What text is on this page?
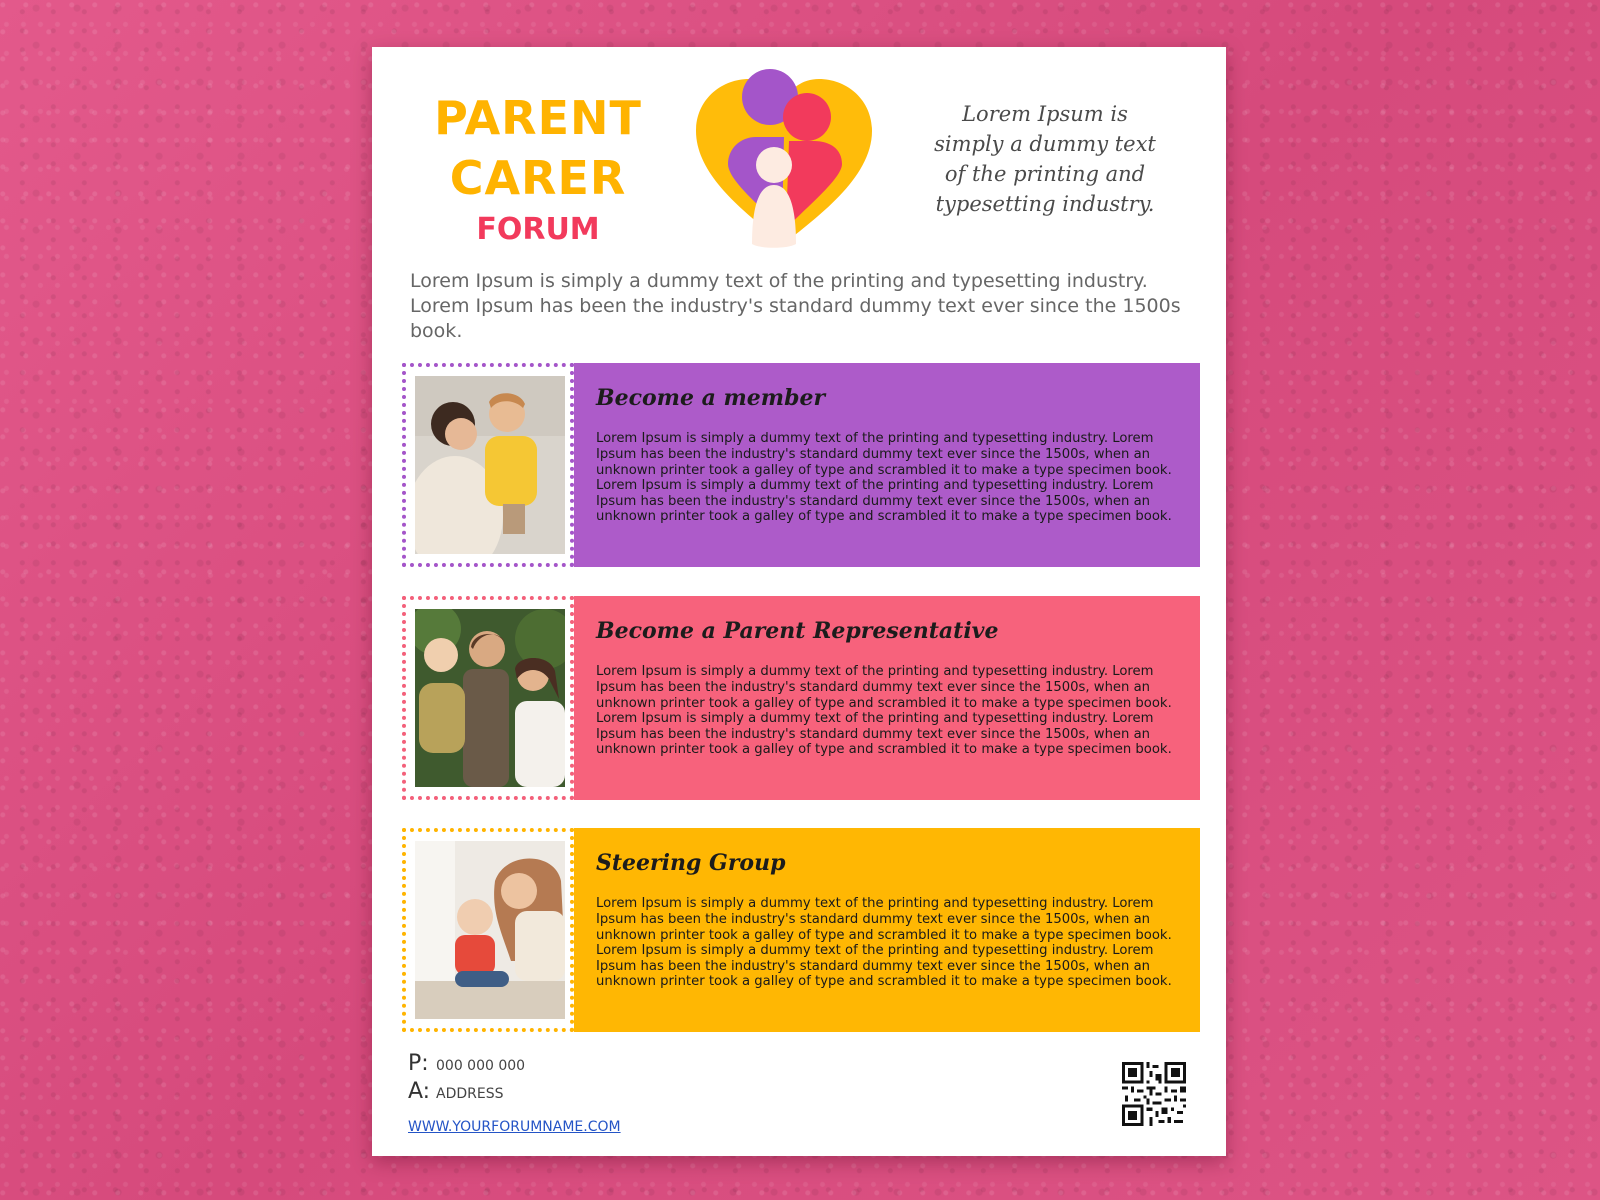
PARENT
CARER
FORUM
Lorem Ipsum is simply a dummy text of the printing and typesetting industry.
Lorem Ipsum is simply a dummy text of the printing and typesetting industry. Lorem Ipsum has been the industry's standard dummy text ever since the 1500s book.
Become a member

Lorem Ipsum is simply a dummy text of the printing and typesetting industry. Lorem Ipsum has been the industry's standard dummy text ever since the 1500s, when an unknown printer took a galley of type and scrambled it to make a type specimen book. Lorem Ipsum is simply a dummy text of the printing and typesetting industry. Lorem Ipsum has been the industry's standard dummy text ever since the 1500s, when an unknown printer took a galley of type and scrambled it to make a type specimen book.

Become a Parent Representative

Lorem Ipsum is simply a dummy text of the printing and typesetting industry. Lorem Ipsum has been the industry's standard dummy text ever since the 1500s, when an unknown printer took a galley of type and scrambled it to make a type specimen book. Lorem Ipsum is simply a dummy text of the printing and typesetting industry. Lorem Ipsum has been the industry's standard dummy text ever since the 1500s, when an unknown printer took a galley of type and scrambled it to make a type specimen book.

Steering Group

Lorem Ipsum is simply a dummy text of the printing and typesetting industry. Lorem Ipsum has been the industry's standard dummy text ever since the 1500s, when an unknown printer took a galley of type and scrambled it to make a type specimen book. Lorem Ipsum is simply a dummy text of the printing and typesetting industry. Lorem Ipsum has been the industry's standard dummy text ever since the 1500s, when an unknown printer took a galley of type and scrambled it to make a type specimen book.

P: 000 000 000
A: ADDRESS
WWW.YOURFORUMNAME.COM
